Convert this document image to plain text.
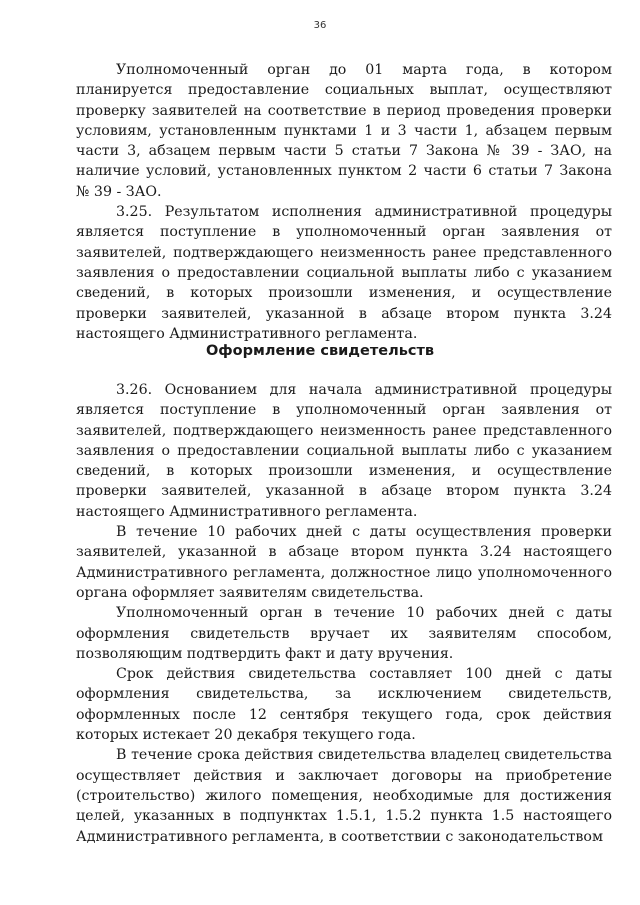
36

Уполномоченный орган до 01 марта года, в котором планируется предоставление социальных выплат, осуществляют проверку заявителей на соответствие в период проведения проверки условиям, установленным пунктами 1 и 3 части 1, абзацем первым части 3, абзацем первым части 5 статьи 7 Закона № 39 - ЗАО, на наличие условий, установленных пунктом 2 части 6 статьи 7 Закона № 39 - ЗАО.

3.25. Результатом исполнения административной процедуры является поступление в уполномоченный орган заявления от заявителей, подтверждающего неизменность ранее представленного заявления о предоставлении социальной выплаты либо с указанием сведений, в которых произошли изменения, и осуществление проверки заявителей, указанной в абзаце втором пункта 3.24 настоящего Административного регламента.

Оформление свидетельств

3.26. Основанием для начала административной процедуры является поступление в уполномоченный орган заявления от заявителей, подтверждающего неизменность ранее представленного заявления о предоставлении социальной выплаты либо с указанием сведений, в которых произошли изменения, и осуществление проверки заявителей, указанной в абзаце втором пункта 3.24 настоящего Административного регламента.

В течение 10 рабочих дней с даты осуществления проверки заявителей, указанной в абзаце втором пункта 3.24 настоящего Административного регламента, должностное лицо уполномоченного органа оформляет заявителям свидетельства.

Уполномоченный орган в течение 10 рабочих дней с даты оформления свидетельств вручает их заявителям способом, позволяющим подтвердить факт и дату вручения.

Срок действия свидетельства составляет 100 дней с даты оформления свидетельства, за исключением свидетельств, оформленных после 12 сентября текущего года, срок действия которых истекает 20 декабря текущего года.

В течение срока действия свидетельства владелец свидетельства осуществляет действия и заключает договоры на приобретение (строительство) жилого помещения, необходимые для достижения целей, указанных в подпунктах 1.5.1, 1.5.2 пункта 1.5 настоящего Административного регламента, в соответствии с законодательством
